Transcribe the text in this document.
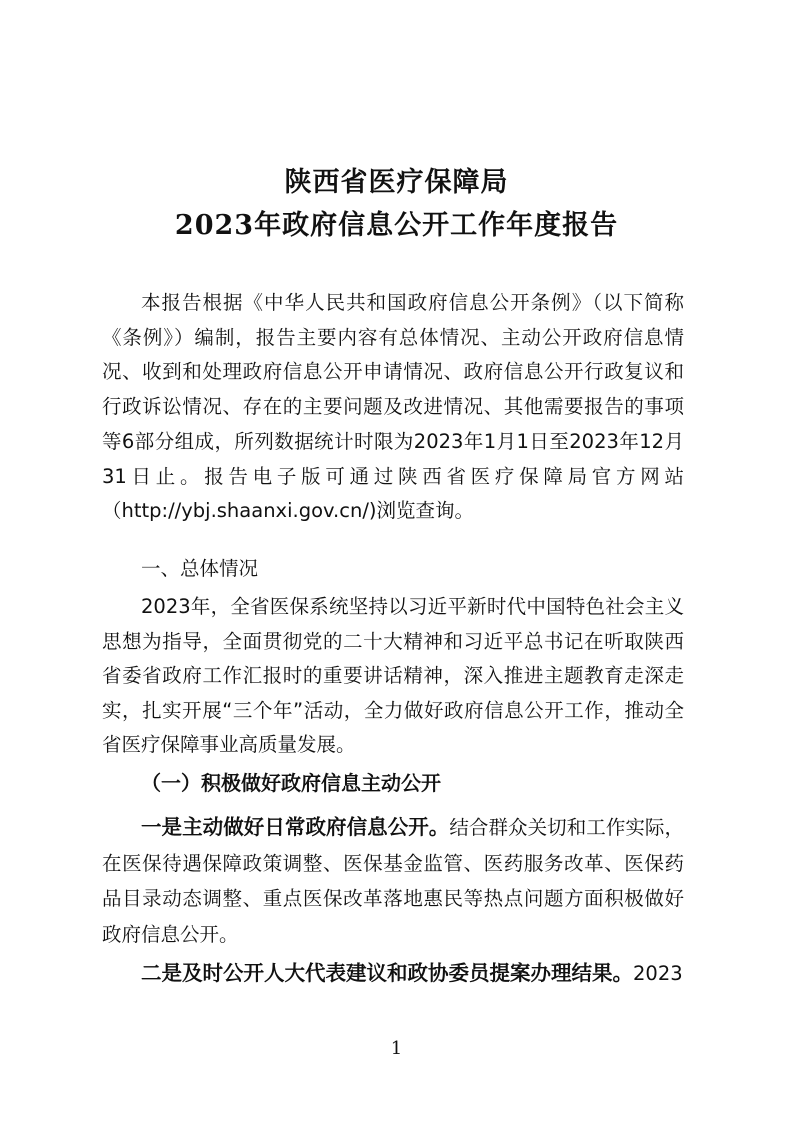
陕西省医疗保障局
2023年政府信息公开工作年度报告

本报告根据《中华人民共和国政府信息公开条例》（以下简称《条例》）编制，报告主要内容有总体情况、主动公开政府信息情况、收到和处理政府信息公开申请情况、政府信息公开行政复议和行政诉讼情况、存在的主要问题及改进情况、其他需要报告的事项等6部分组成，所列数据统计时限为2023年1月1日至2023年12月31日止。报告电子版可通过陕西省医疗保障局官方网站（http://ybj.shaanxi.gov.cn/)浏览查询。

一、总体情况

2023年，全省医保系统坚持以习近平新时代中国特色社会主义思想为指导，全面贯彻党的二十大精神和习近平总书记在听取陕西省委省政府工作汇报时的重要讲话精神，深入推进主题教育走深走实，扎实开展“三个年”活动，全力做好政府信息公开工作，推动全省医疗保障事业高质量发展。

（一）积极做好政府信息主动公开

一是主动做好日常政府信息公开。结合群众关切和工作实际，在医保待遇保障政策调整、医保基金监管、医药服务改革、医保药品目录动态调整、重点医保改革落地惠民等热点问题方面积极做好政府信息公开。

二是及时公开人大代表建议和政协委员提案办理结果。2023

1
